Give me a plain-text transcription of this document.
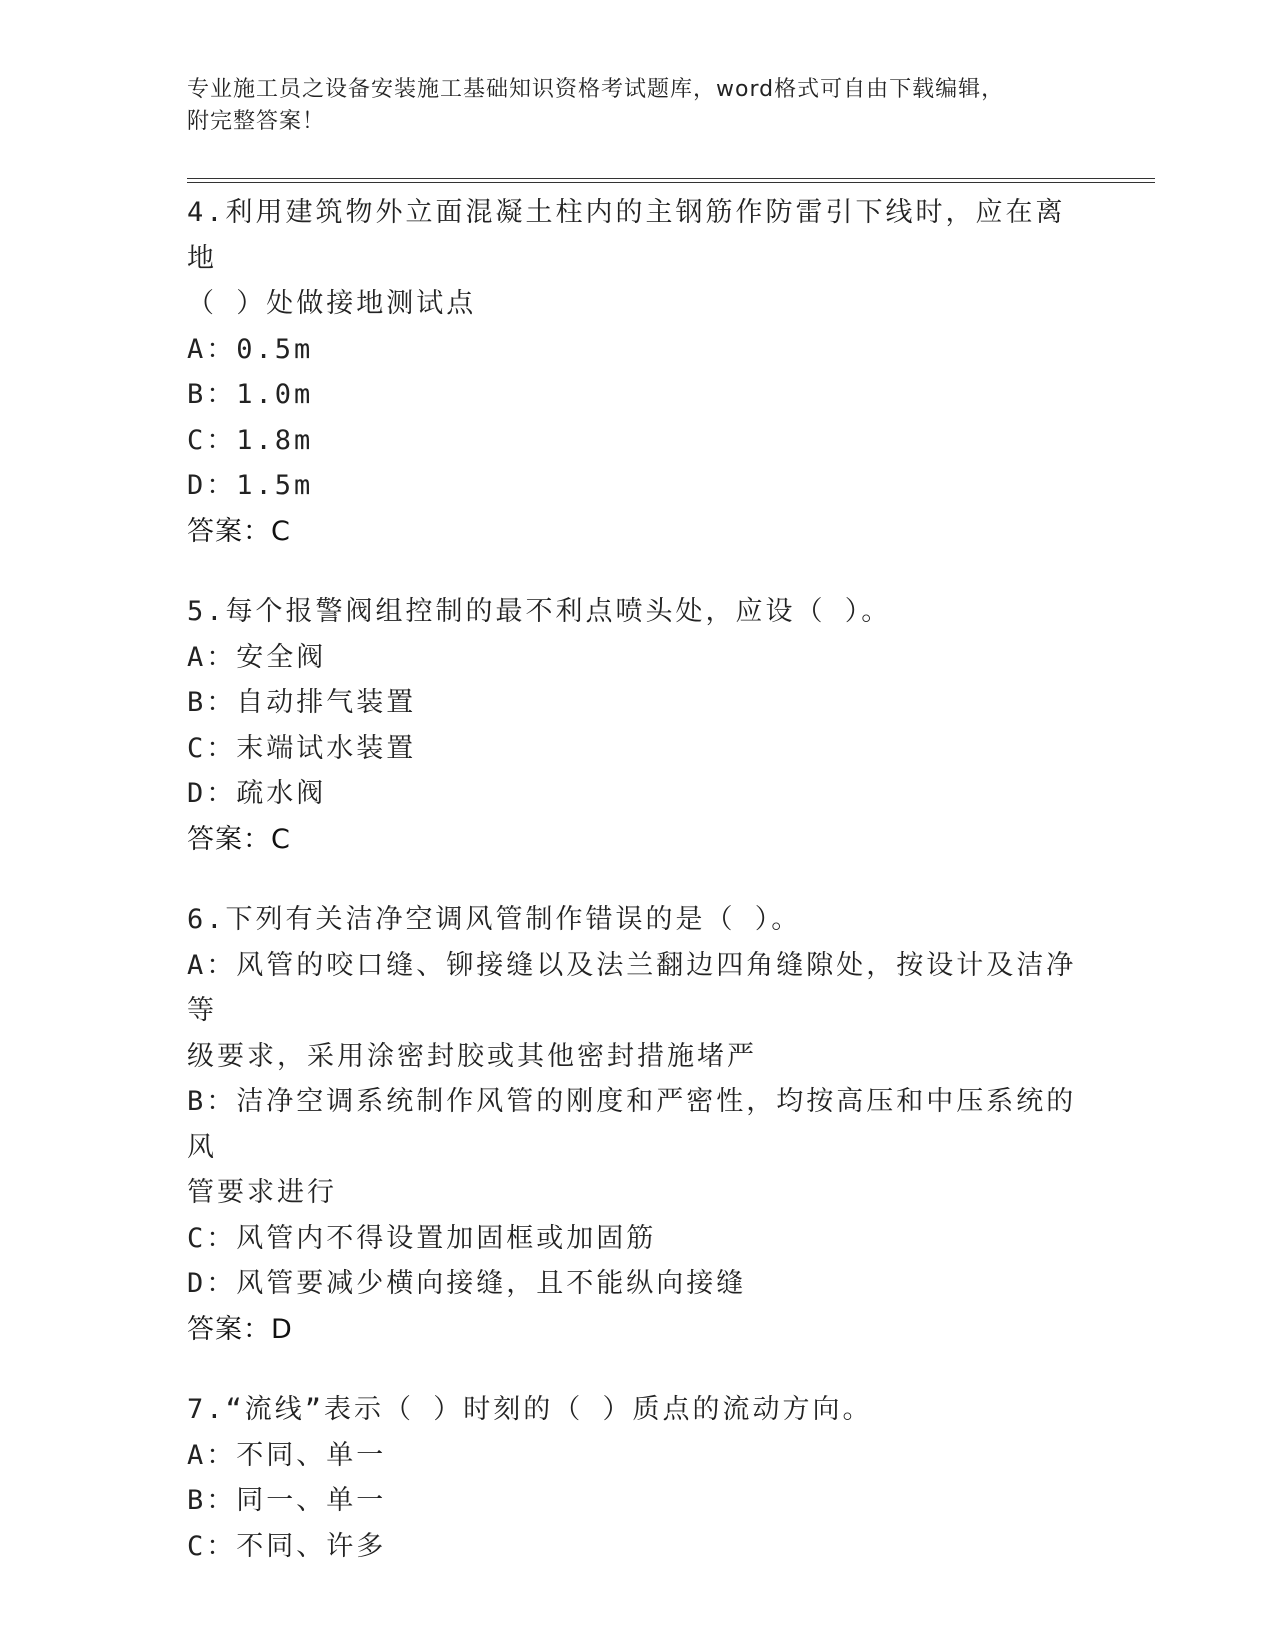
专业施工员之设备安装施工基础知识资格考试题库，word格式可自由下载编辑，
附完整答案！
4.利用建筑物外立面混凝土柱内的主钢筋作防雷引下线时，应在离地
（ ）处做接地测试点
A：0.5m
B：1.0m
C：1.8m
D：1.5m
答案：C
5.每个报警阀组控制的最不利点喷头处，应设（ ）。
A：安全阀
B：自动排气装置
C：末端试水装置
D：疏水阀
答案：C
6.下列有关洁净空调风管制作错误的是（ ）。
A：风管的咬口缝、铆接缝以及法兰翻边四角缝隙处，按设计及洁净等
级要求，采用涂密封胶或其他密封措施堵严
B：洁净空调系统制作风管的刚度和严密性，均按高压和中压系统的风
管要求进行
C：风管内不得设置加固框或加固筋
D：风管要减少横向接缝，且不能纵向接缝
答案：D
7.“流线”表示（ ）时刻的（ ）质点的流动方向。
A：不同、单一
B：同一、单一
C：不同、许多
